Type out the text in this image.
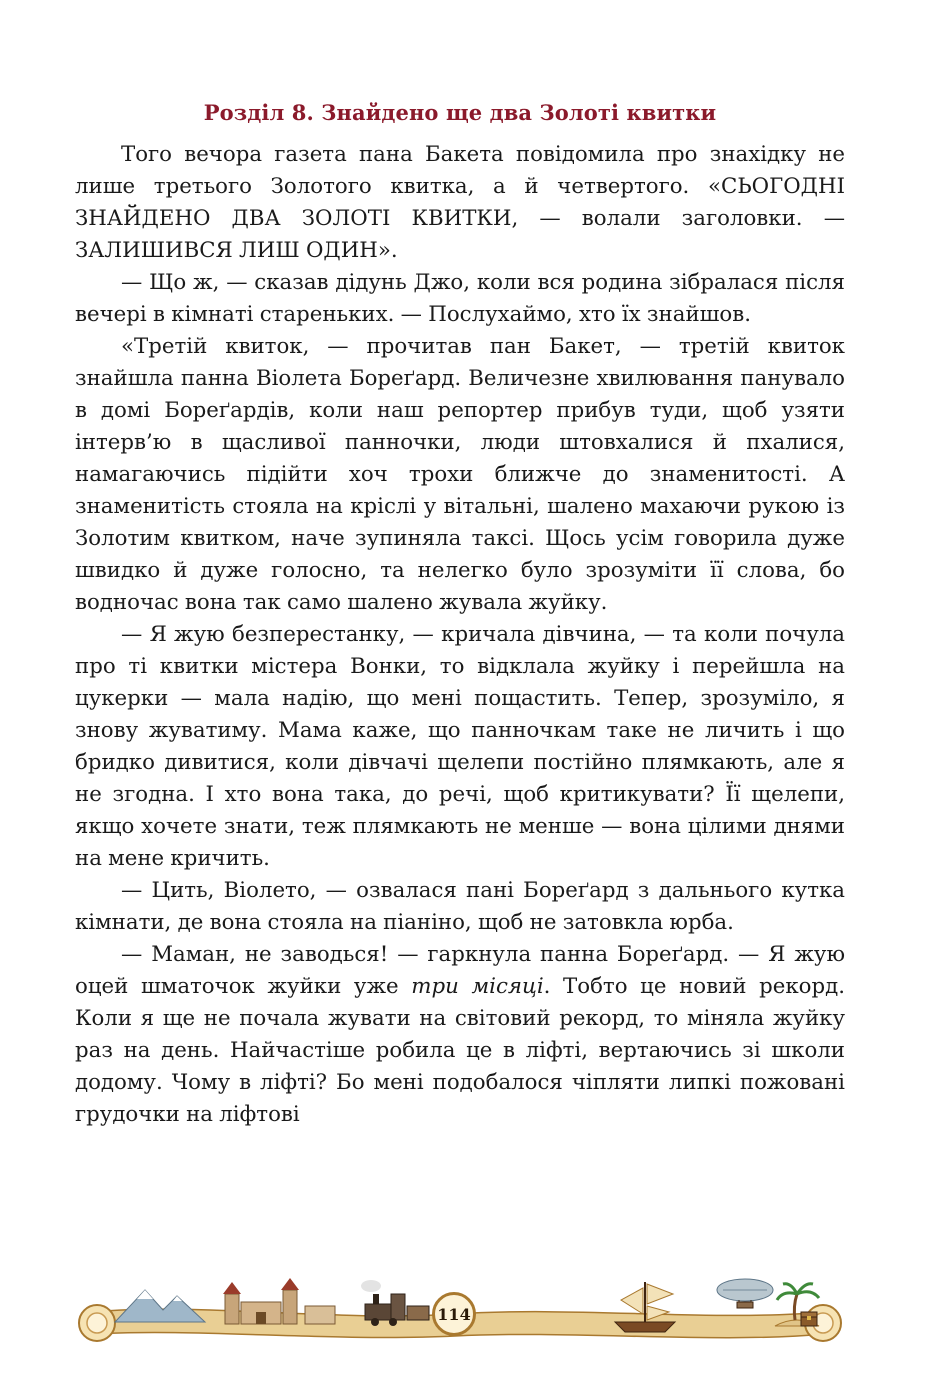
Розділ 8. Знайдено ще два Золоті квитки

Того вечора газета пана Бакета повідомила про знахідку не лише третього Золотого квитка, а й четвертого. «СЬОГОДНІ ЗНАЙДЕНО ДВА ЗОЛОТІ КВИТКИ, — волали заголовки. — ЗАЛИШИВСЯ ЛИШ ОДИН».

— Що ж, — сказав дідунь Джо, коли вся родина зібралася після вечері в кімнаті старенькиx. — Послухаймо, хто їх знайшов.

«Третій квиток, — прочитав пан Бакет, — третій квиток знайшла панна Віолета Бореґард. Величезне хвилювання панувало в домі Бореґардів, коли наш репортер прибув туди, щоб узяти інтерв’ю в щасливої панночки, люди штовхалися й пхалися, намагаючись підійти хоч трохи ближче до знаменитості. А знаменитість стояла на кріслі у вітальні, шалено махаючи рукою із Золотим квитком, наче зупиняла таксі. Щось усім говорила дуже швидко й дуже голосно, та нелегко було зрозуміти її слова, бо водночас вона так само шалено жувала жуйку.

— Я жую безперестанку, — кричала дівчина, — та коли почула про ті квитки містера Вонки, то відклала жуйку і перейшла на цукерки — мала надію, що мені пощастить. Тепер, зрозуміло, я знову жуватиму. Мама каже, що панночкам таке не личить і що бридко дивитися, коли дівчачі щелепи постійно плямкають, але я не згодна. І хто вона така, до речі, щоб критикувати? Її щелепи, якщо хочете знати, теж плямкають не менше — вона цілими днями на мене кричить.

— Цить, Віолето, — озвалася пані Бореґард з дальнього кутка кімнати, де вона стояла на піаніно, щоб не затовкла юрба.

— Маман, не заводься! — гаркнула панна Бореґард. — Я жую оцей шматочок жуйки уже три місяці. Тобто це новий рекорд. Коли я ще не почала жувати на світовий рекорд, то міняла жуйку раз на день. Найчастіше робила це в ліфті, вертаючись зі школи додому. Чому в ліфті? Бо мені подобалося чіпляти липкі пожовані грудочки на ліфтові

114
